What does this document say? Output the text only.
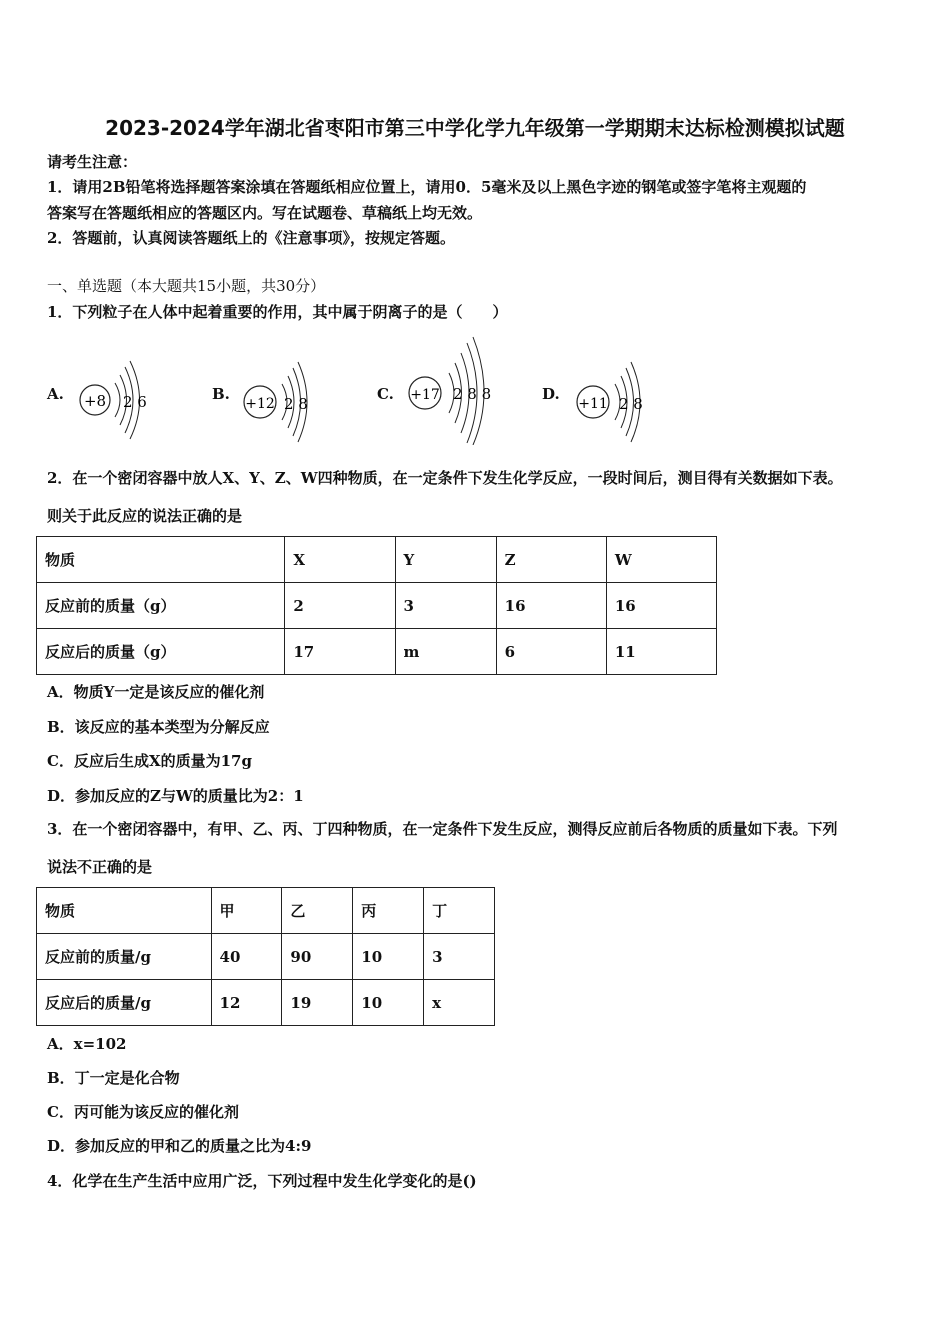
2023-2024学年湖北省枣阳市第三中学化学九年级第一学期期末达标检测模拟试题
请考生注意：
1．请用2B铅笔将选择题答案涂填在答题纸相应位置上，请用0．5毫米及以上黑色字迹的钢笔或签字笔将主观题的
答案写在答题纸相应的答题区内。写在试题卷、草稿纸上均无效。
2．答题前，认真阅读答题纸上的《注意事项》，按规定答题。
一、单选题（本大题共15小题，共30分）
1．下列粒子在人体中起着重要的作用，其中属于阴离子的是（　　）
A. +8 2 6	B.
+12 2 8
C. +17 2 8 8	D.
+11 2 8
2．在一个密闭容器中放人X、Y、Z、W四种物质，在一定条件下发生化学反应，一段时间后，测目得有关数据如下表。
则关于此反应的说法正确的是
物质	X	Y	Z	W
反应前的质量（g）	2	3	16	16
反应后的质量（g）	17	m	6	11
A．物质Y一定是该反应的催化剂
B．该反应的基本类型为分解反应
C．反应后生成X的质量为17g
D．参加反应的Z与W的质量比为2：1
3．在一个密闭容器中，有甲、乙、丙、丁四种物质，在一定条件下发生反应，测得反应前后各物质的质量如下表。下列
说法不正确的是
物质	甲	乙	丙	丁
反应前的质量/g	40	90	10	3
反应后的质量/g	12	19	10	x
A．x=102
B．丁一定是化合物
C．丙可能为该反应的催化剂
D．参加反应的甲和乙的质量之比为4:9
4．化学在生产生活中应用广泛，下列过程中发生化学变化的是()
